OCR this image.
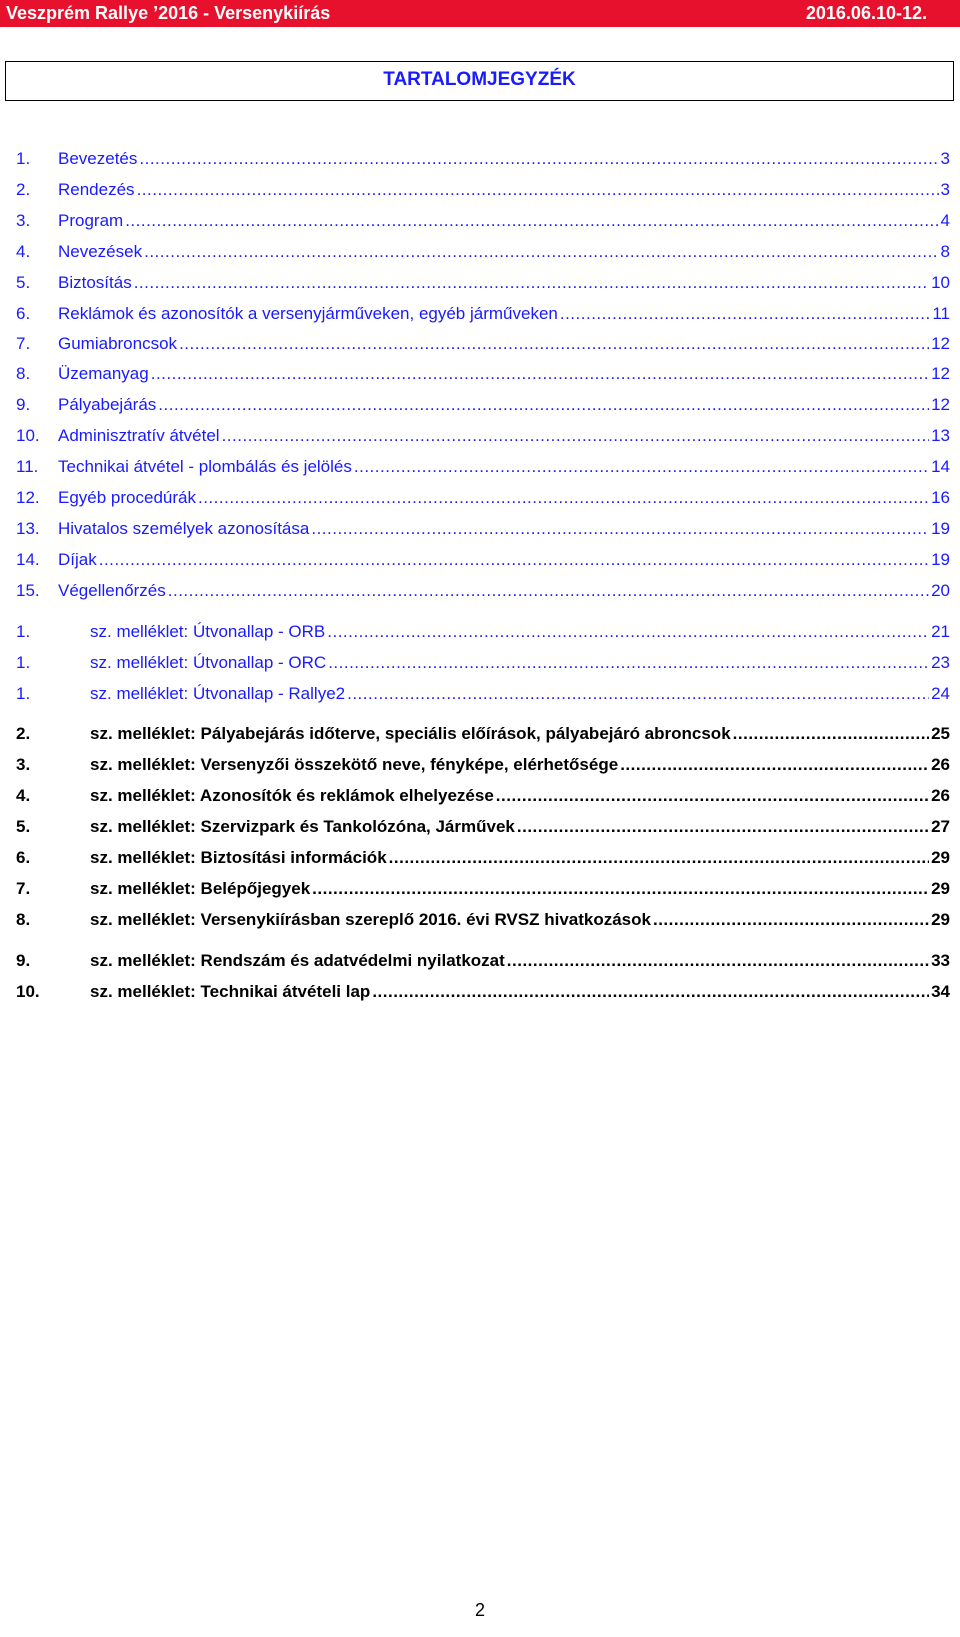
Veszprém Rallye ’2016 - Versenykiírás	2016.06.10-12.
TARTALOMJEGYZÉK
1.	Bevezetés .....	3
2.	Rendezés .....	3
3.	Program .....	4
4.	Nevezések .....	8
5.	Biztosítás .....	10
6.	Reklámok és azonosítók a versenyjárműveken, egyéb járműveken .....	11
7.	Gumiabroncsok .....	12
8.	Üzemanyag .....	12
9.	Pályabejárás .....	12
10.	Adminisztratív átvétel .....	13
11.	Technikai átvétel - plombálás és jelölés .....	14
12.	Egyéb procedúrák .....	16
13.	Hivatalos személyek azonosítása .....	19
14.	Díjak .....	19
15.	Végellenőrzés .....	20
1.	sz. melléklet: Útvonallap - ORB .....	21
1.	sz. melléklet: Útvonallap - ORC .....	23
1.	sz. melléklet: Útvonallap - Rallye2 .....	24
2.	sz. melléklet: Pályabejárás időterve, speciális előírások, pályabejáró abroncsok .....	25
3.	sz. melléklet: Versenyzői összekötő neve, fényképe, elérhetősége .....	26
4.	sz. melléklet: Azonosítók és reklámok elhelyezése .....	26
5.	sz. melléklet: Szervizpark és Tankolózóna, Járművek .....	27
6.	sz. melléklet: Biztosítási információk .....	29
7.	sz. melléklet: Belépőjegyek .....	29
8.	sz. melléklet: Versenykiírásban szereplő 2016. évi RVSZ hivatkozások .....	29
9.	sz. melléklet: Rendszám és adatvédelmi nyilatkozat .....	33
10.	sz. melléklet: Technikai átvételi lap .....	34
2
